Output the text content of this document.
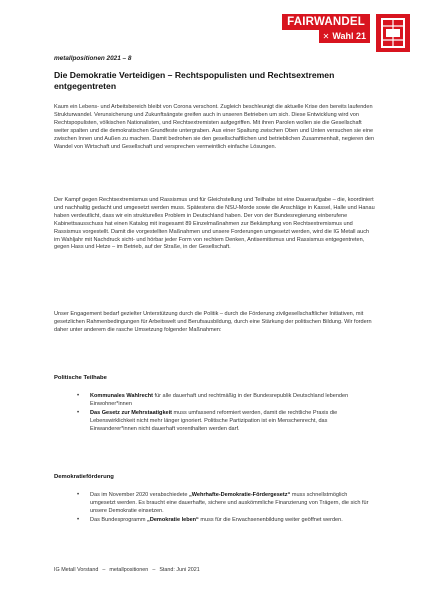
FAIRWANDEL
✕ Wahl 21
metallpositionen 2021 – 8
Die Demokratie Verteidigen – Rechtspopulisten und Rechtsextremen entgegentreten

Kaum ein Lebens- und Arbeitsbereich bleibt von Corona verschont. Zugleich beschleunigt die aktuelle Krise den bereits laufenden Strukturwandel. Verunsicherung und Zukunftsängste greifen auch in unseren Betrieben um sich. Diese Entwicklung wird von Rechtspopulisten, völkischen Nationalisten, und Rechtsextremisten aufgegriffen. Mit ihren Parolen wollen sie die Gesellschaft weiter spalten und die demokratischen Grundfeste untergraben. Aus einer Spaltung zwischen Oben und Unten versuchen sie eine zwischen Innen und Außen zu machen. Damit bedrohen sie den gesellschaftlichen und betrieblichen Zusammenhalt, negieren den Wandel von Wirtschaft und Gesellschaft und versprechen vermeintlich einfache Lösungen.

Der Kampf gegen Rechtsextremismus und Rassismus und für Gleichstellung und Teilhabe ist eine Daueraufgabe – die, koordiniert und nachhaltig gedacht und umgesetzt werden muss. Spätestens die NSU-Morde sowie die Anschläge in Kassel, Halle und Hanau haben verdeutlicht, dass wir ein strukturelles Problem in Deutschland haben. Der von der Bundesregierung einberufene Kabinettsausschuss hat einen Katalog mit insgesamt 89 Einzelmaßnahmen zur Bekämpfung von Rechtsextremismus und Rassismus vorgestellt. Damit die vorgestellten Maßnahmen und unsere Forderungen umgesetzt werden, wird die IG Metall auch im Wahljahr mit Nachdruck sicht- und hörbar jeder Form von rechtem Denken, Antisemitismus und Rassismus entgegentreten, gegen Hass und Hetze – im Betrieb, auf der Straße, in der Gesellschaft.

Unser Engagement bedarf gezielter Unterstützung durch die Politik – durch die Förderung zivilgesellschaftlicher Initiativen, mit gesetzlichen Rahmenbedingungen für Arbeitswelt und Berufsausbildung, durch eine Stärkung der politischen Bildung. Wir fordern daher unter anderem die rasche Umsetzung folgender Maßnahmen:

Politische Teilhabe
• Kommunales Wahlrecht für alle dauerhaft und rechtmäßig in der Bundesrepublik Deutschland lebenden Einwohner*innen
• Das Gesetz zur Mehrstaatigkeit muss umfassend reformiert werden, damit die rechtliche Praxis die Lebenswirklichkeit nicht mehr länger ignoriert. Politische Partizipation ist ein Menschenrecht, das Einwanderer*innen nicht dauerhaft vorenthalten werden darf.
Demokratieförderung
• Das im November 2020 verabschiedete „Wehrhafte-Demokratie-Fördergesetz“ muss schnellstmöglich umgesetzt werden. Es braucht eine dauerhafte, sichere und auskömmliche Finanzierung von Trägern, die sich für unsere Demokratie einsetzen.
• Das Bundesprogramm „Demokratie leben“ muss für die Erwachsenenbildung weiter geöffnet werden.
IG Metall Vorstand – metallpositionen – Stand: Juni 2021
